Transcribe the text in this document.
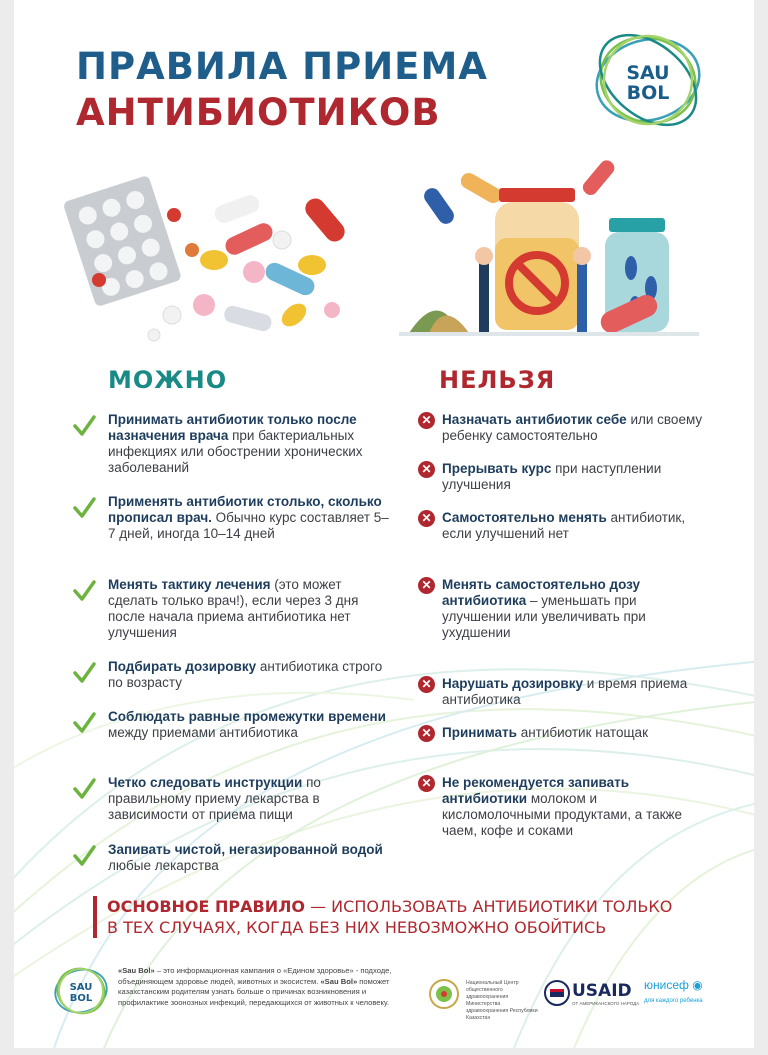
ПРАВИЛА ПРИЕМА
АНТИБИОТИКОВ
SAU
BOL
МОЖНО	НЕЛЬЗЯ
Принимать антибиотик только после назначения врача при бактериальных инфекциях или обострении хронических заболеваний
Применять антибиотик столько, сколько прописал врач. Обычно курс составляет 5–7 дней, иногда 10–14 дней
Менять тактику лечения (это может сделать только врач!), если через 3 дня после начала приема антибиотика нет улучшения
Подбирать дозировку антибиотика строго по возрасту
Соблюдать равные промежутки времени между приемами антибиотика
Четко следовать инструкции по правильному приему лекарства в зависимости от приема пищи
Запивать чистой, негазированной водой любые лекарства
✕ Назначать антибиотик себе или своему ребенку самостоятельно
✕ Прерывать курс при наступлении улучшения
✕ Самостоятельно менять антибиотик, если улучшений нет
✕ Менять самостоятельно дозу антибиотика – уменьшать при улучшении или увеличивать при ухудшении
✕ Нарушать дозировку и время приема антибиотика
✕ Принимать антибиотик натощак
✕ Не рекомендуется запивать антибиотики молоком и кисломолочными продуктами, а также чаем, кофе и соками
ОСНОВНОЕ ПРАВИЛО — ИСПОЛЬЗОВАТЬ АНТИБИОТИКИ ТОЛЬКО В ТЕХ СЛУЧАЯХ, КОГДА БЕЗ НИХ НЕВОЗМОЖНО ОБОЙТИСЬ
SAU
BOL
«Sau Bol» – это информационная кампания о «Едином здоровье» - подходе, объединяющем здоровье людей, животных и экосистем. «Sau Bol» поможет казахстанским родителям узнать больше о причинах возникновения и профилактике зоонозных инфекций, передающихся от животных к человеку.
Национальный Центр общественного здравоохранения Министерства здравоохранения Республики Казахстан
USAID
ОТ АМЕРИКАНСКОГО НАРОДА
юнисеф ◉
для каждого ребенка
